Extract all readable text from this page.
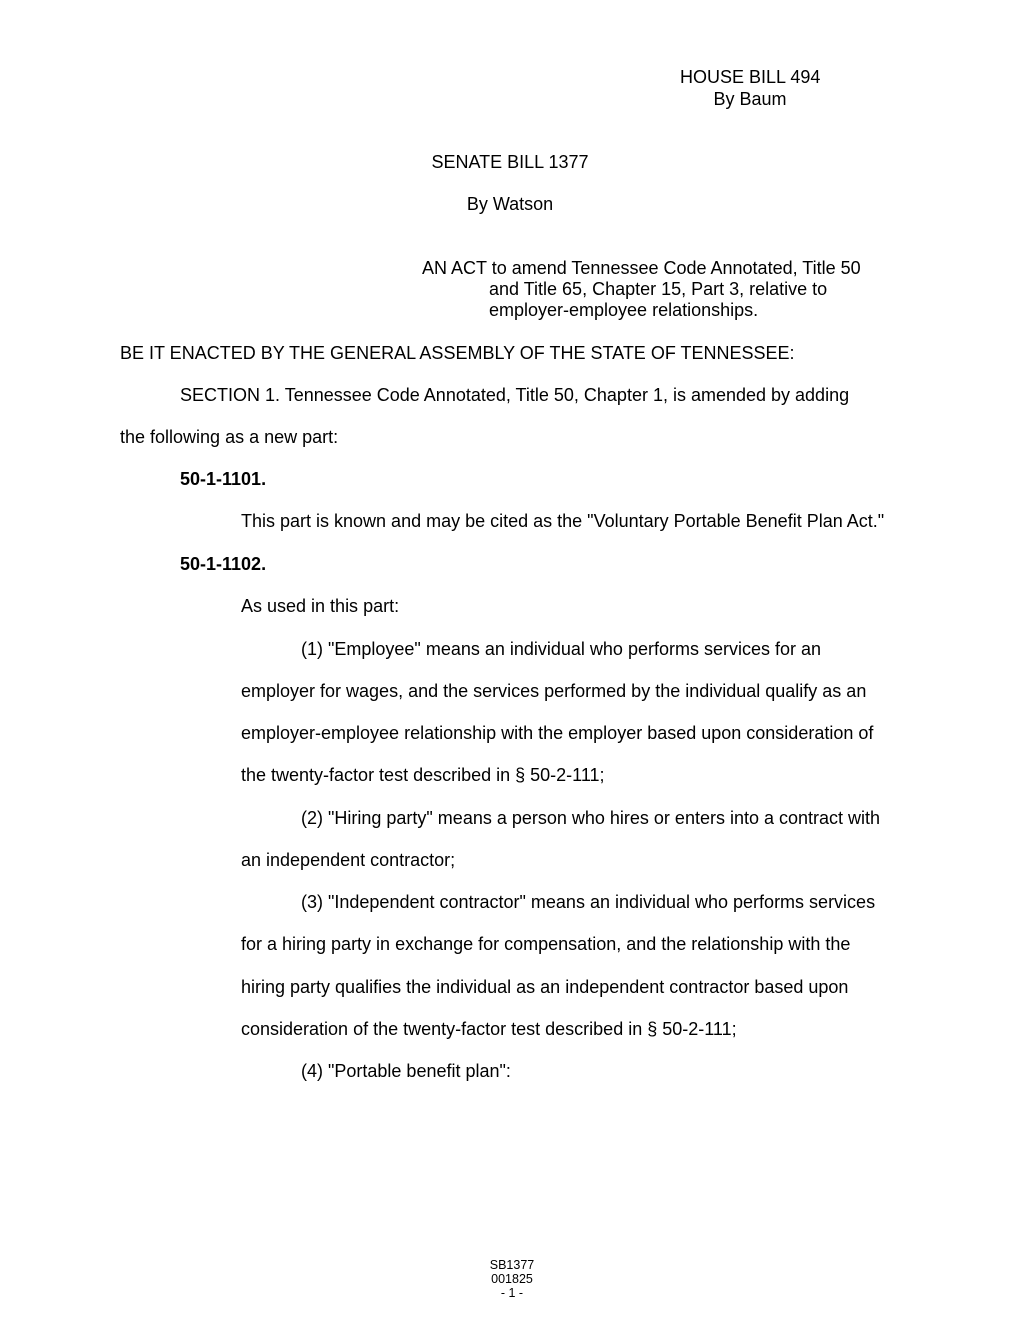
HOUSE BILL 494
By Baum
SENATE BILL 1377
By Watson
AN ACT to amend Tennessee Code Annotated, Title 50
and Title 65, Chapter 15, Part 3, relative to
employer-employee relationships.
BE IT ENACTED BY THE GENERAL ASSEMBLY OF THE STATE OF TENNESSEE:
SECTION 1. Tennessee Code Annotated, Title 50, Chapter 1, is amended by adding
the following as a new part:
50-1-1101.
This part is known and may be cited as the "Voluntary Portable Benefit Plan Act."
50-1-1102.
As used in this part:
(1) "Employee" means an individual who performs services for an
employer for wages, and the services performed by the individual qualify as an
employer-employee relationship with the employer based upon consideration of
the twenty-factor test described in § 50-2-111;
(2) "Hiring party" means a person who hires or enters into a contract with
an independent contractor;
(3) "Independent contractor" means an individual who performs services
for a hiring party in exchange for compensation, and the relationship with the
hiring party qualifies the individual as an independent contractor based upon
consideration of the twenty-factor test described in § 50-2-111;
(4) "Portable benefit plan":
SB1377
001825
- 1 -
